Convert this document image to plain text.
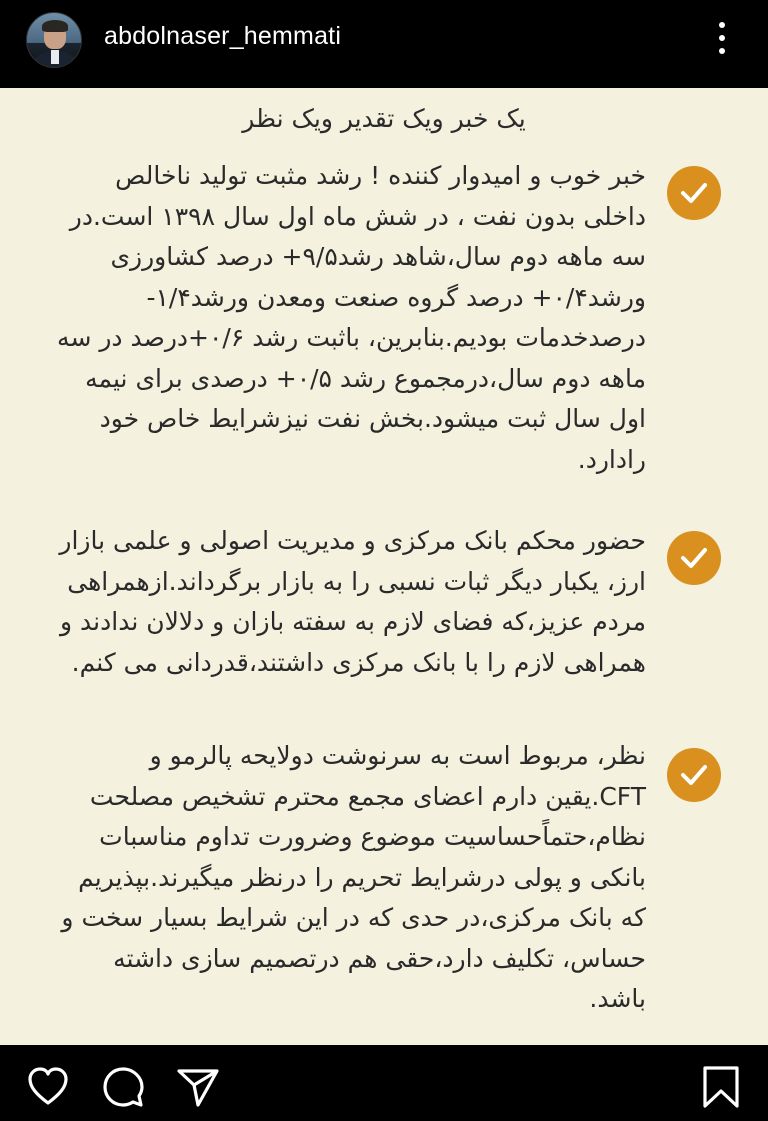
abdolnaser_hemmati
یک خبر ویک تقدیر ویک نظر

خبر خوب و امیدوار کننده ! رشد مثبت تولید ناخالص داخلی بدون نفت ، در شش ماه اول سال ۱۳۹۸ است.در سه ماهه دوم سال،شاهد رشد۹/۵+ درصد کشاورزی ورشد۰/۴+ درصد گروه صنعت ومعدن ورشد۱/۴-درصدخدمات بودیم.بنابرین، باثبت رشد ۰/۶+درصد در سه ماهه دوم سال،درمجموع رشد ۰/۵+ درصدی برای نیمه اول سال ثبت میشود.بخش نفت نیزشرایط خاص خود رادارد.

حضور محکم بانک مرکزی و مدیریت اصولی و علمی بازار ارز، یکبار دیگر ثبات نسبی را به بازار برگرداند.ازهمراهی مردم عزیز،که فضای لازم به سفته بازان و دلالان ندادند و همراهی لازم را با بانک مرکزی داشتند،قدردانی می کنم.

نظر، مربوط است به سرنوشت دولایحه پالرمو و CFT.یقین دارم اعضای مجمع محترم تشخیص مصلحت نظام،حتماًحساسیت موضوع وضرورت تداوم مناسبات بانکی و پولی درشرایط تحریم را درنظر میگیرند.بپذیریم که بانک مرکزی،در حدی که در این شرایط بسیار سخت و حساس، تکلیف دارد،حقی هم درتصمیم سازی داشته باشد.
